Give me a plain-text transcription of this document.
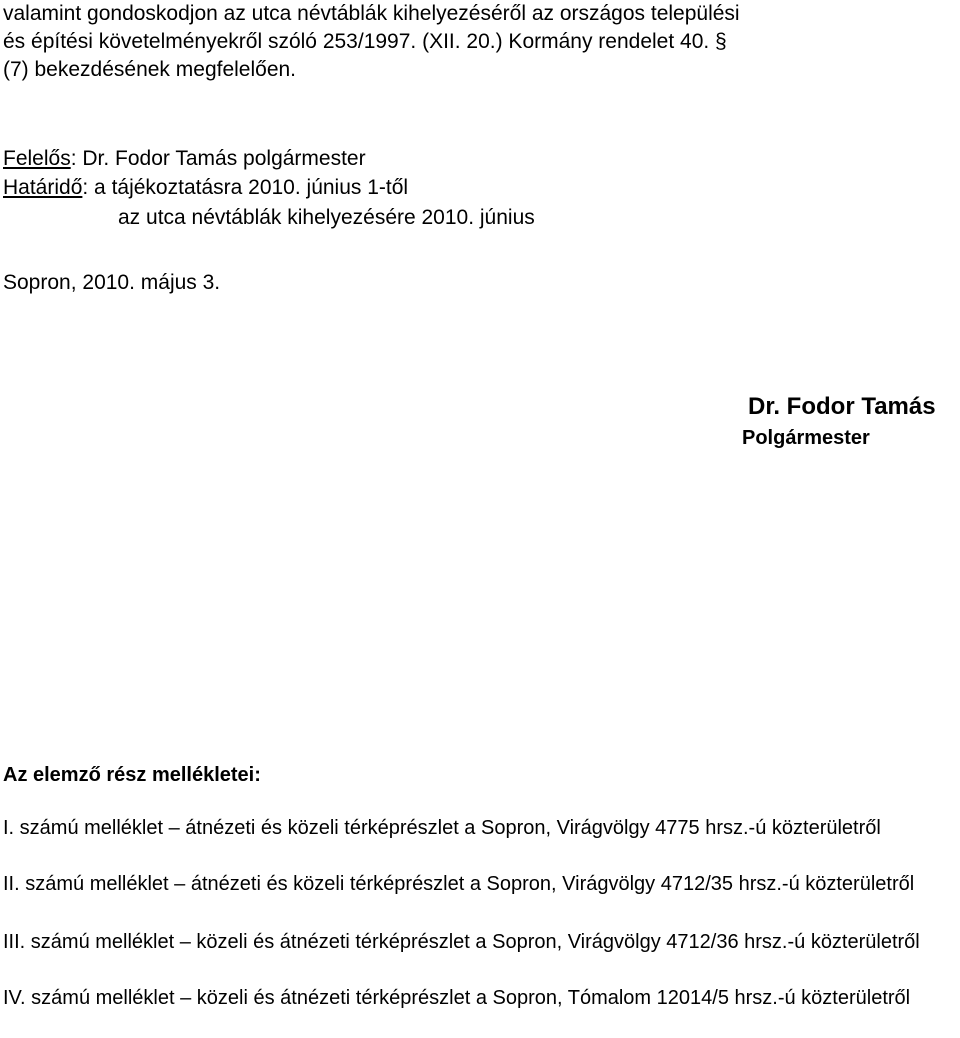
valamint gondoskodjon az utca névtáblák kihelyezéséről az országos települési
és építési követelményekről szóló 253/1997. (XII. 20.) Kormány rendelet 40. §
(7) bekezdésének megfelelően.
Felelős: Dr. Fodor Tamás polgármester
Határidő: a tájékoztatásra 2010. június 1-től
az utca névtáblák kihelyezésére 2010. június
Sopron, 2010. május 3.
Dr. Fodor Tamás
Polgármester
Az elemző rész mellékletei:
I. számú melléklet – átnézeti és közeli térképrészlet a Sopron, Virágvölgy 4775 hrsz.-ú közterületről
II. számú melléklet – átnézeti és közeli térképrészlet a Sopron, Virágvölgy 4712/35 hrsz.-ú közterületről
III. számú melléklet – közeli és átnézeti térképrészlet a Sopron, Virágvölgy 4712/36 hrsz.-ú közterületről
IV. számú melléklet – közeli és átnézeti térképrészlet a Sopron, Tómalom 12014/5 hrsz.-ú közterületről
